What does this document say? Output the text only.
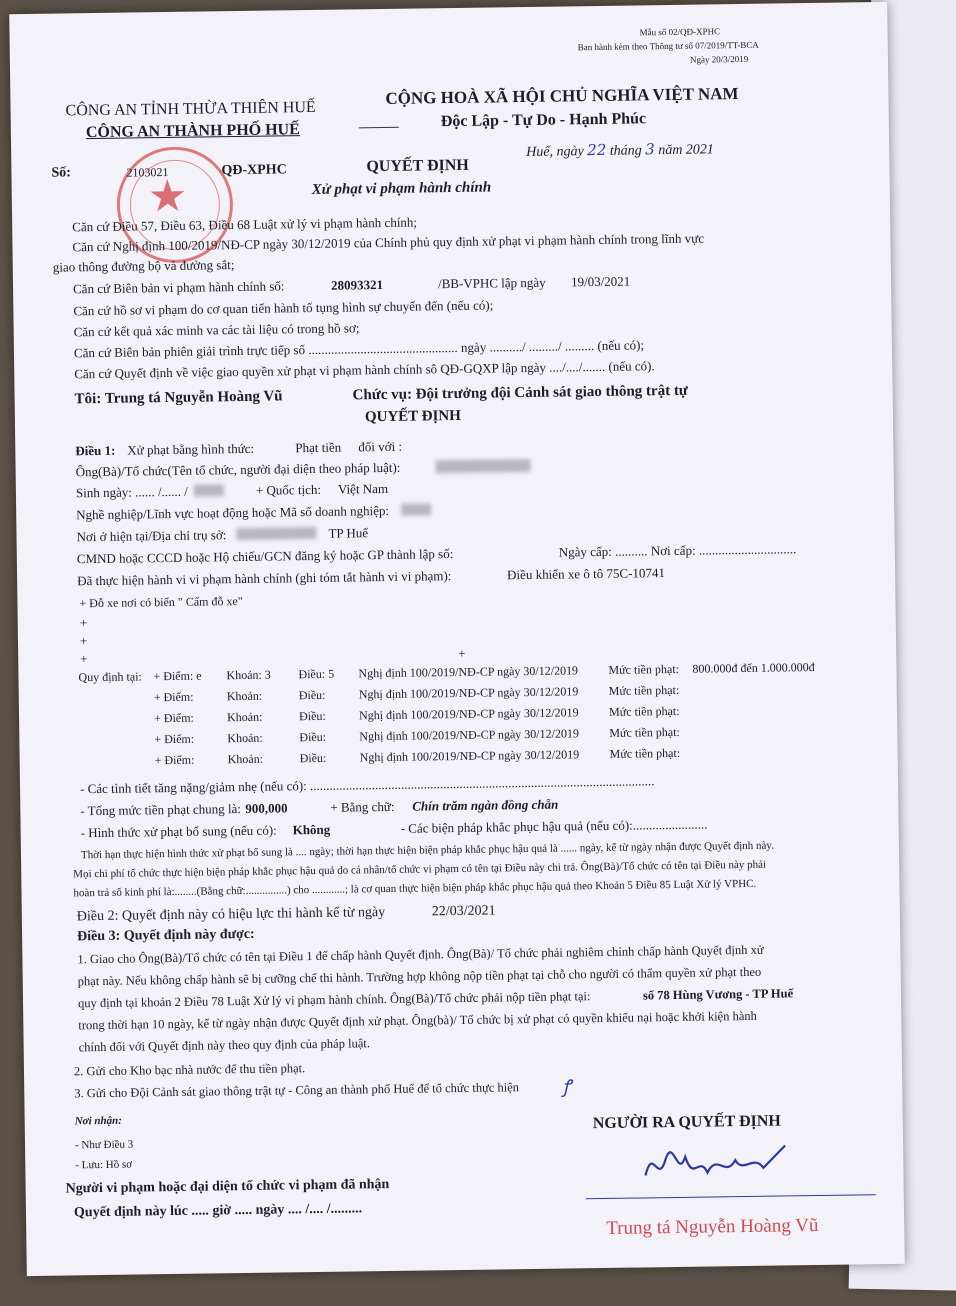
Mẫu số 02/QĐ-XPHC
Ban hành kèm theo Thông tư số 07/2019/TT-BCA
Ngày 20/3/2019
CÔNG AN TỈNH THỪA THIÊN HUẾ
CÔNG AN THÀNH PHỐ HUẾ
CỘNG HOÀ XÃ HỘI CHỦ NGHĨA VIỆT NAM
Độc Lập - Tự Do - Hạnh Phúc
Huế, ngày 22 tháng 3 năm 2021
★
Số:	2103021	QĐ-XPHC	QUYẾT ĐỊNH
Xử phạt vi phạm hành chính
Căn cứ Điều 57, Điều 63, Điều 68 Luật xử lý vi phạm hành chính;
Căn cứ Nghị định 100/2019/NĐ-CP ngày 30/12/2019 của Chính phủ quy định xử phạt vi phạm hành chính trong lĩnh vực
giao thông đường bộ và đường sắt;
Căn cứ Biên bản vi phạm hành chính số:	28093321	/BB-VPHC lập ngày 19/03/2021
Căn cứ hồ sơ vi phạm do cơ quan tiến hành tố tụng hình sự chuyển đến (nếu có);
Căn cứ kết quả xác minh va các tài liệu có trong hồ sơ;
Căn cứ Biên bản phiên giải trình trực tiếp số .............................................. ngày ........../ ........./ ......... (nếu có);
Căn cứ Quyết định về việc giao quyền xử phạt vi phạm hành chính sô QĐ-GQXP lập ngày ..../..../....... (nếu có).
Tôi: Trung tá Nguyễn Hoàng Vũ	Chức vụ: Đội trưởng đội Cảnh sát giao thông trật tự
QUYẾT ĐỊNH
Điều 1: Xử phạt bằng hình thức:	Phạt tiền đối với :
Ông(Bà)/Tổ chức(Tên tổ chức, người đại diện theo pháp luật):
Sinh ngày: ...... /...... /	+ Quốc tịch: Việt Nam
Nghề nghiệp/Lĩnh vực hoạt động hoặc Mã số doanh nghiệp:
Nơi ở hiện tại/Địa chỉ trụ sở:	TP Huế
CMND hoặc CCCD hoặc Hộ chiếu/GCN đăng ký hoặc GP thành lập số:	Ngày cấp: .......... Nơi cấp: ..............................
Đã thực hiện hành vi vi phạm hành chính (ghi tóm tắt hành vi vi phạm):	Điều khiển xe ô tô 75C-10741
+ Đỗ xe nơi có biển " Cấm đỗ xe"
+
+
+	+
Quy định tại: + Điểm: e Khoản: 3 Điều: 5 Nghị định 100/2019/NĐ-CP ngày 30/12/2019	Mức tiền phạt: 800.000đ đến 1.000.000đ
+ Điểm:	Khoản:	Điều:	Nghị định 100/2019/NĐ-CP ngày 30/12/2019	Mức tiền phạt:
+ Điểm:	Khoản:	Điều:	Nghị định 100/2019/NĐ-CP ngày 30/12/2019	Mức tiền phạt:
+ Điểm:	Khoản:	Điều:	Nghị định 100/2019/NĐ-CP ngày 30/12/2019	Mức tiền phạt:
+ Điểm:	Khoản:	Điều:	Nghị định 100/2019/NĐ-CP ngày 30/12/2019	Mức tiền phạt:
- Các tình tiết tăng nặng/giảm nhẹ (nếu có): ..........................................................................................................
- Tổng mức tiền phạt chung là: 900,000	+ Bằng chữ: Chín trăm ngàn đồng chẵn
- Hình thức xử phạt bổ sung (nếu có): Không	- Các biện pháp khắc phục hậu quả (nếu có):.......................
Thời hạn thực hiện hình thức xử phạt bổ sung là .... ngày; thời hạn thực hiện biện pháp khắc phục hậu quả là ...... ngày, kể từ ngày nhận được Quyết định này.
Mọi chi phí tổ chức thực hiện biện pháp khắc phục hậu quả do cá nhân/tổ chức vi phạm có tên tại Điều này chi trả. Ông(Bà)/Tổ chức có tên tại Điều này phải
hoàn trả số kinh phí là:........(Bằng chữ:...............) cho ............; là cơ quan thực hiện biện pháp khắc phục hậu quả theo Khoản 5 Điều 85 Luật Xử lý VPHC.
Điều 2: Quyết định này có hiệu lực thi hành kể từ ngày	22/03/2021
Điều 3: Quyết định này được:
1. Giao cho Ông(Bà)/Tổ chức có tên tại Điều 1 để chấp hành Quyết định. Ông(Bà)/ Tổ chức phải nghiêm chỉnh chấp hành Quyết định xử
phạt này. Nếu không chấp hành sẽ bị cưỡng chế thi hành. Trường hợp không nộp tiền phạt tại chỗ cho người có thẩm quyền xử phạt theo
quy định tại khoản 2 Điều 78 Luật Xử lý vi phạm hành chính. Ông(Bà)/Tổ chức phải nộp tiền phạt tại:	số 78 Hùng Vương - TP Huế
trong thời hạn 10 ngày, kể từ ngày nhận được Quyết định xử phạt. Ông(bà)/ Tổ chức bị xử phạt có quyền khiếu nại hoặc khởi kiện hành
chính đối với Quyết định này theo quy định của pháp luật.
2. Gửi cho Kho bạc nhà nước để thu tiền phạt.
3. Gửi cho Đội Cảnh sát giao thông trật tự - Công an thành phố Huế để tổ chức thực hiện ꝭ
Nơi nhận:
- Như Điều 3
- Lưu: Hồ sơ
Người vi phạm hoặc đại diện tổ chức vi phạm đã nhận
Quyết định này lúc ..... giờ ..... ngày .... /.... /.........
NGƯỜI RA QUYẾT ĐỊNH
Trung tá Nguyễn Hoàng Vũ
